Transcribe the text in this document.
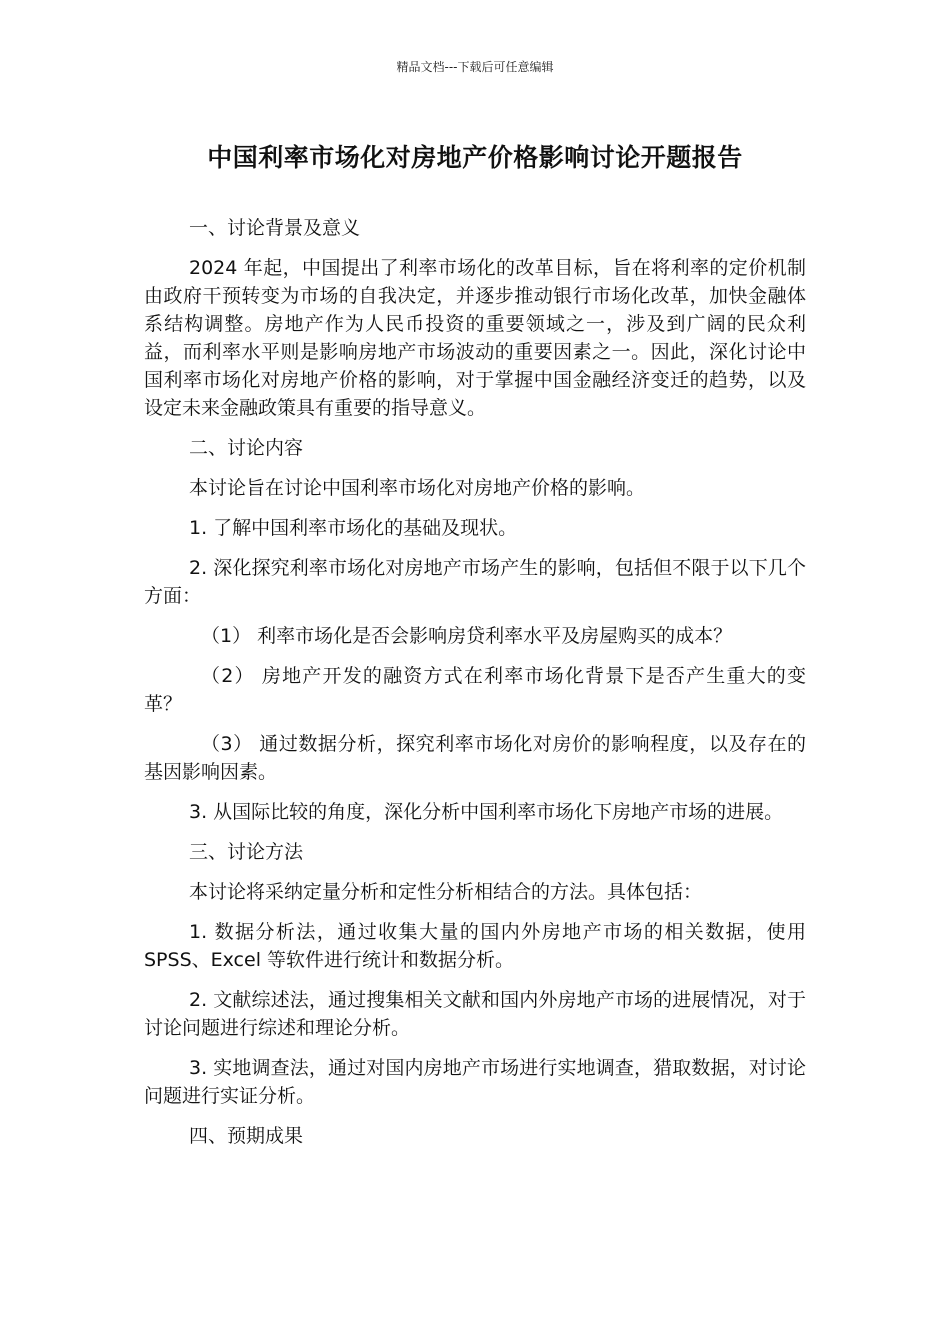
精品文档---下载后可任意编辑
中国利率市场化对房地产价格影响讨论开题报告

一、讨论背景及意义

2024 年起，中国提出了利率市场化的改革目标，旨在将利率的定价机制由政府干预转变为市场的自我决定，并逐步推动银行市场化改革，加快金融体系结构调整。房地产作为人民币投资的重要领域之一，涉及到广阔的民众利益，而利率水平则是影响房地产市场波动的重要因素之一。因此，深化讨论中国利率市场化对房地产价格的影响，对于掌握中国金融经济变迁的趋势，以及设定未来金融政策具有重要的指导意义。

二、讨论内容

本讨论旨在讨论中国利率市场化对房地产价格的影响。

1. 了解中国利率市场化的基础及现状。

2. 深化探究利率市场化对房地产市场产生的影响，包括但不限于以下几个方面：

（1） 利率市场化是否会影响房贷利率水平及房屋购买的成本？

（2） 房地产开发的融资方式在利率市场化背景下是否产生重大的变革？

（3） 通过数据分析，探究利率市场化对房价的影响程度，以及存在的基因影响因素。

3. 从国际比较的角度，深化分析中国利率市场化下房地产市场的进展。

三、讨论方法

本讨论将采纳定量分析和定性分析相结合的方法。具体包括：

1. 数据分析法，通过收集大量的国内外房地产市场的相关数据，使用 SPSS、Excel 等软件进行统计和数据分析。

2. 文献综述法，通过搜集相关文献和国内外房地产市场的进展情况，对于讨论问题进行综述和理论分析。

3. 实地调查法，通过对国内房地产市场进行实地调查，猎取数据，对讨论问题进行实证分析。

四、预期成果
